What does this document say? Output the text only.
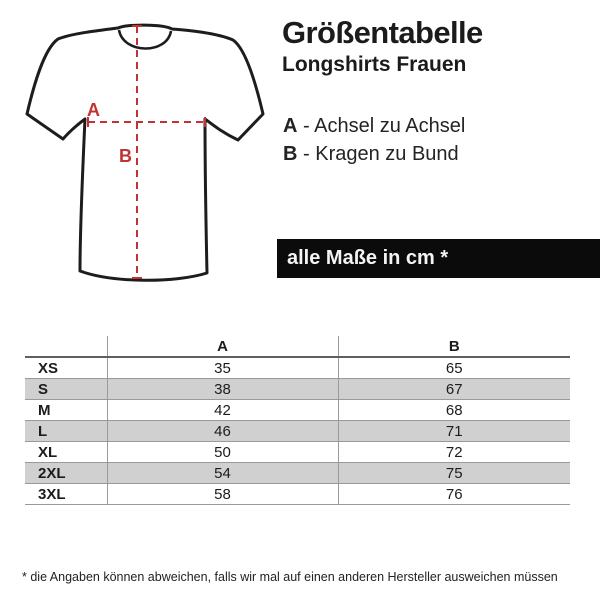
A
B
Größentabelle
Longshirts Frauen
A - Achsel zu Achsel
B - Kragen zu Bund
alle Maße in cm *
	A	B
XS	35	65
S	38	67
M	42	68
L	46	71
XL	50	72
2XL	54	75
3XL	58	76
* die Angaben können abweichen, falls wir mal auf einen anderen Hersteller ausweichen müssen
